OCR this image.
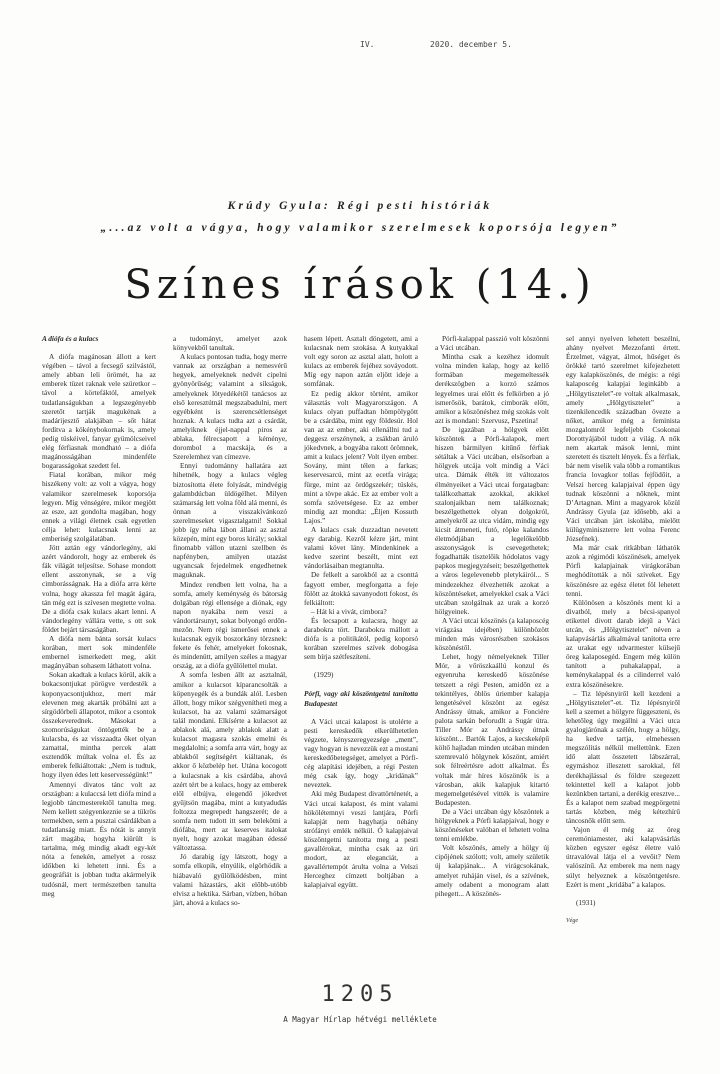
IV.	2020. december 5.
Krúdy Gyula: Régi pesti históriák
„...az volt a vágya, hogy valamikor szerelmesek koporsója legyen”
Színes írások (14.)

A diófa és a kulacs

A diófa magánosan állott a kert végében – távol a fecsegő szilvástól, amely abban leli örömét, ha az emberek tüzet raknak vele szüretkor – távol a körtefáktól, amelyek tudatlanságukban a legszegényebb szeretőt tartják magukénak a madárijesztő alakjában – sőt hátat fordítva a kökénybokornak is, amely pedig tüskéivel, fanyar gyümölcseivel elég férfiasnak mondható – a diófa magánosságában mindenféle bogarasságokat szedett fel.

Fiatal korában, mikor még hiszékeny volt: az volt a vágya, hogy valamikor szerelmesek koporsója legyen. Míg vénségére, mikor megjött az esze, azt gondolta magában, hogy ennek a világi életnek csak egyetlen célja lehet: kulacsnak lenni az emberiség szolgálatában.

Jött aztán egy vándorlegény, aki azért vándorolt, hogy az emberek és fák világát teljesítse. Sohase mondott ellent asszonynak, se a víg cimborásságnak. Ha a diófa arra kérte volna, hogy akassza fel magát ágára, tán még ezt is szívesen megtette volna. De a diófa csak kulacs akart lenni. A vándorlegény vállára vette, s ott sok földet bejárt társaságában.

A diófa nem bánta sorsát kulacs korában, mert sok mindenféle embernel ismerkedett meg, akit magányában sohasem láthatott volna.

Sokan akadtak a kulacs körül, akik a bokacsontjukat pörögve verdesték a koponyacsontjukhoz, mert már elevenen meg akarták próbálni azt a sírgödörbeli állapotot, mikor a csontok összekeverednek. Másokat a szomorúságukat öntögették be a kulacsba, és az visszaadta őket olyan zamattal, mintha percek alatt esztendők múltak volna el. És az emberek felkiáltottak: „Nem is tudtuk, hogy ilyen édes lett keservességünk!”

Amennyi divatos tánc volt az országban: a kulaccsá lett diófa mind a legjobb táncmesterektől tanulta meg. Nem kellett szégyenkeznie se a tükrös termekben, sem a pusztai csárdákban a tudatlanság miatt. És nótát is annyit zárt magába, hogyha kiürült is tartalma, még mindig akadt egy-két nóta a fenekén, amelyet a rossz időkben ki lehetett inni. És a geográfiát is jobban tudta akármelyik tudósnál, mert természetben tanulta meg

a tudományt, amelyet azok könyvekből tanultak.

A kulacs pontosan tudta, hogy merre vannak az országban a nemesvérű hegyek, amelyeknek nedvét cipelni gyönyörűség; valamint a síkságok, amelyeknek lötyedékétől tanácsos az első keresztútnál megszabadulni, mert egyébként is szerencsétlenséget hoznak. A kulacs tudta azt a csárdát, amelyiknek éjjel-nappal piros az ablaka, félrecsapott a kéménye, dorombol a macskája, és a Szerelemhez van címezve.

Ennyi tudománny hallatára azt hihetnék, hogy a kulacs végleg biztosította élete folyását, mindvégig galambdúcban üldögélhet. Milyen számarság lett volna föld alá menni, és ónnan a visszakívánkozó szerelmeseket vigasztalgatni! Sokkal jobb így néha lábon állani az asztal közepén, mint egy boros király; sokkal finomabb vállon utazni szellben és napfényben, amilyen utazást ugyancsak fejedelmek engedhetnek maguknak.

Mindez rendben lett volna, ha a somfa, amely keménység és bátorság dolgában régi ellensége a diónak, egy napon nyakába nem veszi a vándortársunyt, sokat bolyongó erdőn-mezőn. Nem régi ismerősei ennek a kulacsnak egyik boszorkány törzsnek: fekete és fehér, amelyeket fokosnak, és mindenütt, amilyen széles a magyar ország, az a diófa gyűlölettel mulat.

A somfa lesben állt az asztalnál, amikor a kulacsot kíparancsolták a köpenyegék és a bundák alól. Lesben állott, hogy mikor szégyenítheti meg a kulacsot, ha az valami számarságot talál mondani. Elkísérte a kulacsot az ablakok alá, amely ablakok alatt a kulacsot magasra szokás emelni és megdalolni; a somfa arra várt, hogy az ablakból segítségért kiáltanak, és akkor ő közbelép het. Utána kocogott a kulacsnak a kis csárdába, ahová azért tért be a kulacs, hogy az emberek elől elbújva, elegendő jókedvet gyűjtsön magába, mint a kutyadudás foltozza megrepedt hangszerét; de a somfa nem tudott itt sem belekötni a diófába, mert az keserves italokat nyelt, hogy azokat magában édessé változtassa.

Jó darabig így látszott, hogy a somfa elkopik, elnyúlik, elgörhödik a hiábavaló gyűlölködésben, mint valami házastárs, akit előbb-utóbb elvisz a hektika. Sárban, vízben, hóban járt, ahová a kulacs so-

hasem lépett. Asztalt döngetett, ami a kulacsnak nem szokása. A kutyakkal volt egy soron az asztal alatt, holott a kulacs az emberek fejéhez sováyodott. Míg egy napon aztán eljött ideje a somfának.

Ez pedig akkor történt, amikor választás volt Magyarországon. A kulacs olyan puffadtan hömpölygött be a csárdába, mint egy földesúr. Hol van az az ember, aki ellenállni tud a deggesz erszénynek, a zsákban áruló jókedvnek, a bogyába rakott örömnek, amit a kulacs jelent? Volt ilyen ember. Sovány, mint télen a farkas; keservesarcú, mint az ecetfa virága; fürge, mint az ördögszekér; tüskés, mint a tövpe akác. Ez az ember volt a somfa szövetségese. Ez az ember mindig azt mondta: „Éljen Kossuth Lajos.”

A kulacs csak duzzadtan nevetett egy darabig. Kezről kézre járt, mint valami követ lány. Mindenkinek a kedve szerint beszélt, mint ezt vándorlásaiban megtanulta.

De felkelt a sarokból az a csonttá fagyott ember, megforgatta a feje fölött az átokká savanyodott fokost, és felkiáltott:

– Hát ki a vivát, cimbora?

És lecsapott a kulacsra, hogy az darabokra tört. Darabokra mállott a diófa is a politikától, pedig koporsó korában szerelmes szívek dobogása sem bírja szétfeszíteni.

(1929)

Pórfi, vagy aki köszöntgetni tanította Budapestet

A Váci utcai kalapost is utolérte a pesti kereskedők elkerülhetetlen végzete, kényszeregyezsége „ment”, vagy hogyan is nevezzük ezt a mostani kereskedőbetegséget, amelyet a Pórfi-cég alapítási idejében, a régi Pesten még csak így, hogy „kridának” neveztek.

Aki még Budapest divattörténetét, a Váci utcai kalapost, és mint valami hökölétemnyi veszi lantjára, Pórfi kalapját nem hagyhatja néhány strófányi emlék nélkül. Ó kalapjaival köszöntgetni tanította meg a pesti gavallérokat, mintha csak az úri modort, az eleganciát, a gavallértempót árulta volna a Velszi Herceghez címzett boltjában a kalapjaival együtt.

Pórfi-kalappal passzió volt köszönni a Váci utcában.

Mintha csak a kezéhez idomult volna minden kalap, hogy az kellő formában megemeltessék derékszögben a korzó számos legyelmes urai előtt és felkörben a jó ismerősök, barátok, cimborák előtt, amikor a köszönéshez még szokás volt azt is mondani: Szervusz, Pszetina!

De igazában a hölgyek előtt köszöntek a Pórfi-kalapok, mert hiszen bármilyen kitűnő férfiak sétáltak a Váci utcában, elsősorban a hölgyek utcája volt mindig a Váci utca. Dámák élték itt változatos élményeiket a Váci utcai forgatagban: találkozhattak azokkal, akikkel szalonjaikban nem találkoznak; beszélgethettek olyan dolgokról, amelyekről az utca vidám, mindig egy kicsit átmeneti, futó, röpke kalandos életmódjában a legelőkelőbb asszonyságok is csevegethetek; fogadhatták tisztelőik hódolatos vagy papkos megjegyzéseit; beszélgethettek a város legelevenebb pletykáiról... S mindezekhez élvezhették azokat a köszöntéseket, amelyekkel csak a Váci utcában szolgálnak az urak a korzó hölgyeinek.

A Váci utcai köszönés (a kalaposcég virágzása idejében) különbözött minden más városrészben szokásos köszönéstől.

Lehet, hogy némelyeknek Tiller Mór, a vőröszkaállú konzul és egyenruha kereskedő köszönése tetszett a régi Pesten, amidőn ez a tekintélyes, öblös úriember kalapja lengetésével köszönt az egész Andrássy útnak, amikor a Fonciére palota sarkán beforudlt a Sugár útra. Tiller Mór az Andrássy útnak köszönt... Bartók Lajos, a kecskeképű költő hajladan minden utcában minden szemrevaló hölgynek köszönt, amiért sok félreértésre adott alkalmat. És voltak már híres köszönők is a városban, akik kalapjuk kitartó megemelgetésével vitték is valamire Budapesten.

De a Váci utcában úgy köszöntek a hölgyeknek a Pórfi kalapjaival, hogy e köszönéseket valóban el lehetett volna tenni emlékbe.

Volt köszönés, amely a hölgy új cipőjének szólott; volt, amely születik új kalapjának... A virágcsokának, amelyet ruháján visel, és a szívének, amely odabent a monogram alatt pihegett... A köszönés-

sel annyi nyelven lehetett beszélni, ahány nyelvet Mezzofanti értett. Érzelmet, vágyat, álmot, hűséget és örökké tartó szerelmet kifejezhetett egy kalapköszönés, de mégis: a régi kalaposcég kalapjai leginkább a „Hölgytisztelet”-re voltak alkalmasak, amely „Hölgytisztelet” a tizenkilencedik században övezte a nőket, amikor még a feminista mozgalomról legfeljebb Csokonai Dorottyájából tudott a világ. A nők nem akartak mások lenni, mint szeretett és tisztelt lények. És a férfiak, bár nem viselik vala több a romantikus francia lovagkor tollas fejfödőit, a Velszi herceg kalapjaival éppen úgy tudnak köszönni a nőknek, mint D’Artagnan. Mint a magyarok közül Andrássy Gyula (az idősebb, aki a Váci utcában járt iskolába, mielőtt külügyminiszterre lett volna Ferenc Józsefnek).

Ma már csak ritkábban láthatók azok a régimódi köszönések, amelyek Pórfi kalapjainak virágkorában meghódították a női szíveket. Egy köszönésre az egész életet föl lehetett tenni.

Különösen a köszönés ment ki a divatból, mely a bécsi-spanyol etikettel divott darab idejű a Váci utcán, és „Hölgytisztelet” néven a kalapvásárlás alkalmával tanította erre az urakat egy udvarmester külsejű öreg kalaposegéd. Engem még külön tanított a puhakalappal, a keménykalappal és a cilinderrel való extra köszönésekre.

– Tiz lépésnyiről kell kezdeni a „Hölgytisztelet”-et. Tiz lépésnyiről kell a szemet a hölgyre függeszteni, és lehetőleg úgy megállni a Váci utca gyalogjárónak a szélén, hogy a hölgy, ha kedve tartja, elmehessen megszólítás nélkül mellettünk. Ezen idő alatt összetett lábszárral, egymáshoz illesztett sarokkal, fél derékhajlással és földre szegezett tekintettel kell a kalapot jobb kezünkben tartani, a derékig eresztve... És a kalapot nem szabad megpörgetni tartás közben, még kétezhírű táncosnők előtt sem.

Vajon él még az öreg ceremóniamester, aki kalapvásárlás közben egyszer egész életre való útravalóval látja el a vevőit? Nem valószínű. Az emberek ma nem nagy súlyt helyeznek a köszöntgetésre. Ezért is ment „kridába” a kalapos.

(1931)

Vége

1205
A Magyar Hírlap hétvégi melléklete
